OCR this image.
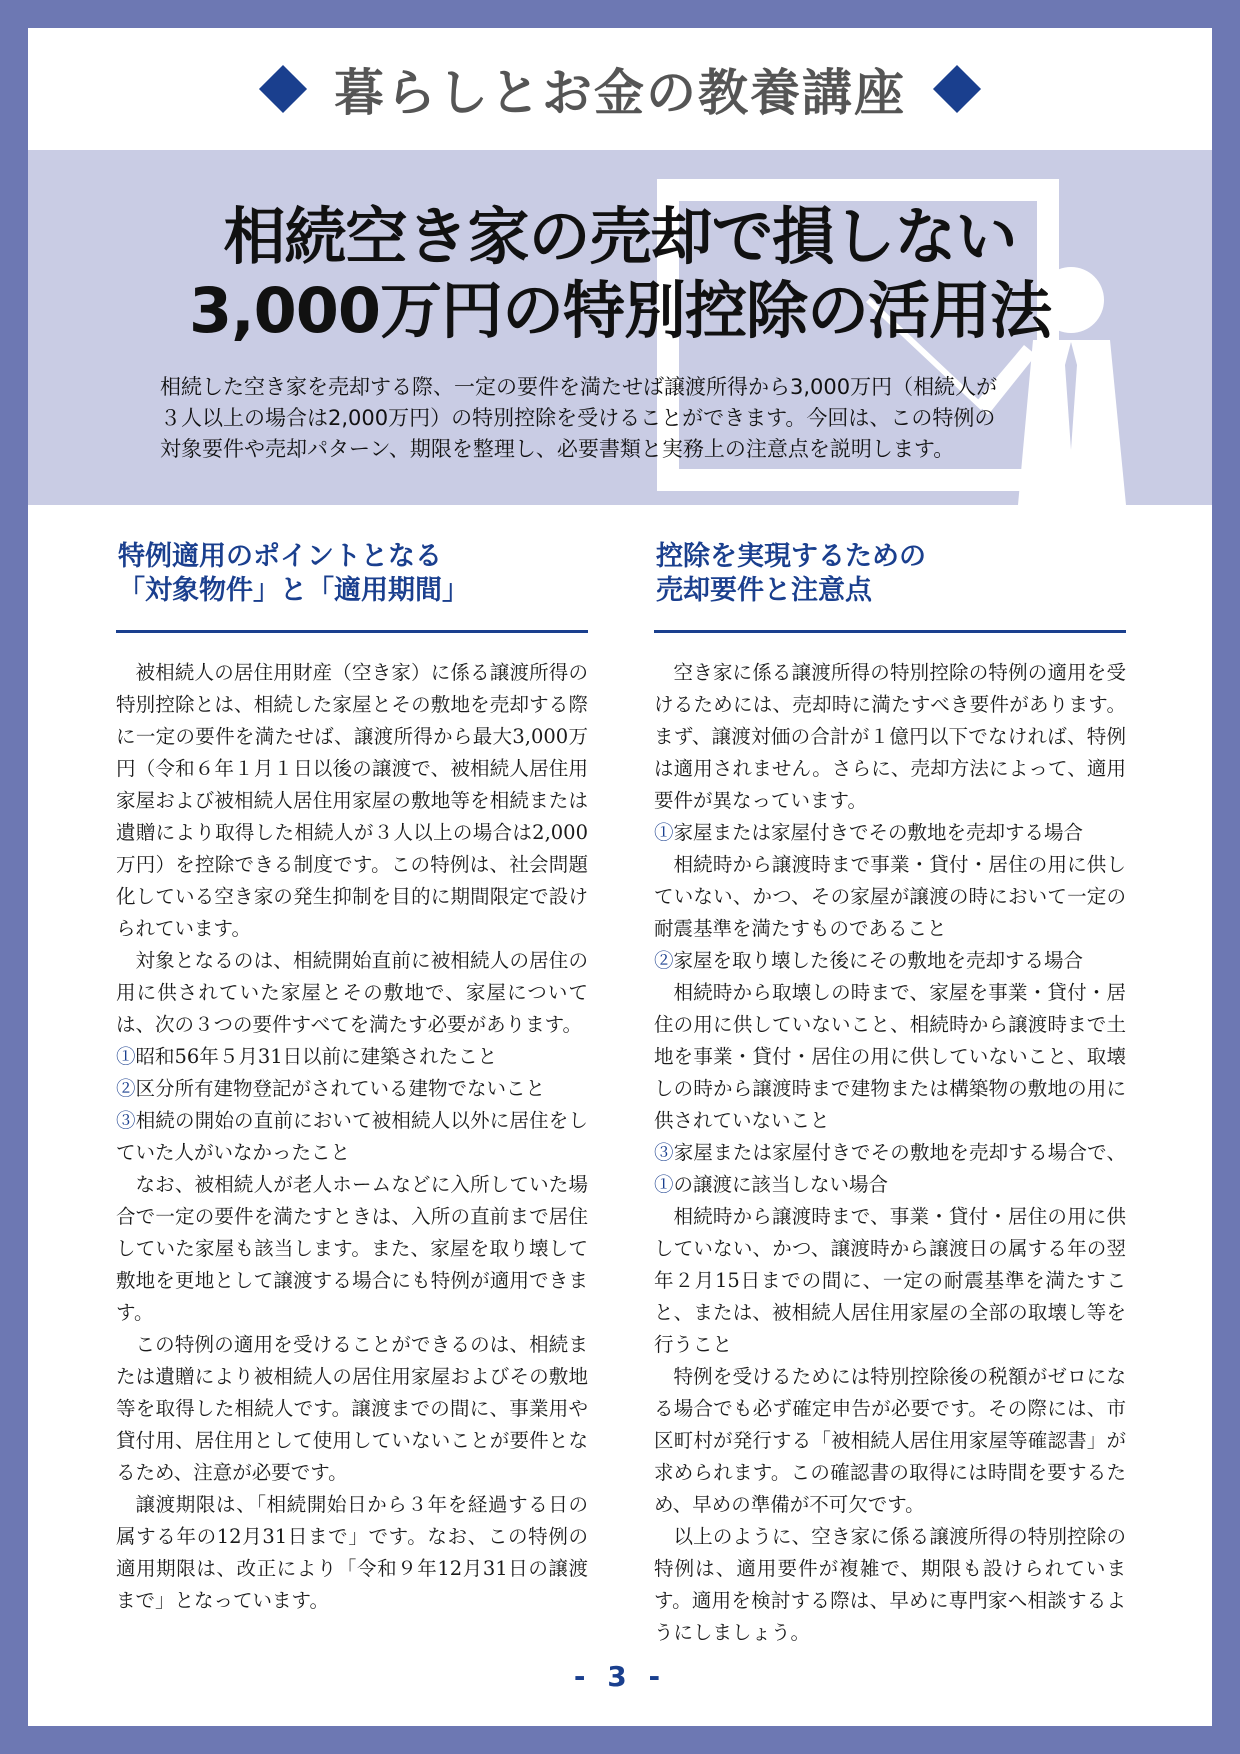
暮らしとお金の教養講座
相続空き家の売却で損しない
3,000万円の特別控除の活用法
相続した空き家を売却する際、一定の要件を満たせば譲渡所得から3,000万円（相続人が
３人以上の場合は2,000万円）の特別控除を受けることができます。今回は、この特例の
対象要件や売却パターン、期限を整理し、必要書類と実務上の注意点を説明します。
特例適用のポイントとなる
「対象物件」と「適用期間」

被相続人の居住用財産（空き家）に係る譲渡所得の特別控除とは、相続した家屋とその敷地を売却する際に一定の要件を満たせば、譲渡所得から最大3,000万円（令和６年１月１日以後の譲渡で、被相続人居住用家屋および被相続人居住用家屋の敷地等を相続または遺贈により取得した相続人が３人以上の場合は2,000万円）を控除できる制度です。この特例は、社会問題化している空き家の発生抑制を目的に期間限定で設けられています。

対象となるのは、相続開始直前に被相続人の居住の用に供されていた家屋とその敷地で、家屋については、次の３つの要件すべてを満たす必要があります。

①昭和56年５月31日以前に建築されたこと

②区分所有建物登記がされている建物でないこと

③相続の開始の直前において被相続人以外に居住をしていた人がいなかったこと

なお、被相続人が老人ホームなどに入所していた場合で一定の要件を満たすときは、入所の直前まで居住していた家屋も該当します。また、家屋を取り壊して敷地を更地として譲渡する場合にも特例が適用できます。

この特例の適用を受けることができるのは、相続または遺贈により被相続人の居住用家屋およびその敷地等を取得した相続人です。譲渡までの間に、事業用や貸付用、居住用として使用していないことが要件となるため、注意が必要です。

譲渡期限は、「相続開始日から３年を経過する日の属する年の12月31日まで」です。なお、この特例の適用期限は、改正により「令和９年12月31日の譲渡まで」となっています。

控除を実現するための
売却要件と注意点

空き家に係る譲渡所得の特別控除の特例の適用を受けるためには、売却時に満たすべき要件があります。まず、譲渡対価の合計が１億円以下でなければ、特例は適用されません。さらに、売却方法によって、適用要件が異なっています。

①家屋または家屋付きでその敷地を売却する場合

相続時から譲渡時まで事業・貸付・居住の用に供していない、かつ、その家屋が譲渡の時において一定の耐震基準を満たすものであること

②家屋を取り壊した後にその敷地を売却する場合

相続時から取壊しの時まで、家屋を事業・貸付・居住の用に供していないこと、相続時から譲渡時まで土地を事業・貸付・居住の用に供していないこと、取壊しの時から譲渡時まで建物または構築物の敷地の用に供されていないこと

③家屋または家屋付きでその敷地を売却する場合で、①の譲渡に該当しない場合

相続時から譲渡時まで、事業・貸付・居住の用に供していない、かつ、譲渡時から譲渡日の属する年の翌年２月15日までの間に、一定の耐震基準を満たすこと、または、被相続人居住用家屋の全部の取壊し等を行うこと

特例を受けるためには特別控除後の税額がゼロになる場合でも必ず確定申告が必要です。その際には、市区町村が発行する「被相続人居住用家屋等確認書」が求められます。この確認書の取得には時間を要するため、早めの準備が不可欠です。

以上のように、空き家に係る譲渡所得の特別控除の特例は、適用要件が複雑で、期限も設けられています。適用を検討する際は、早めに専門家へ相談するようにしましょう。

- 3 -
